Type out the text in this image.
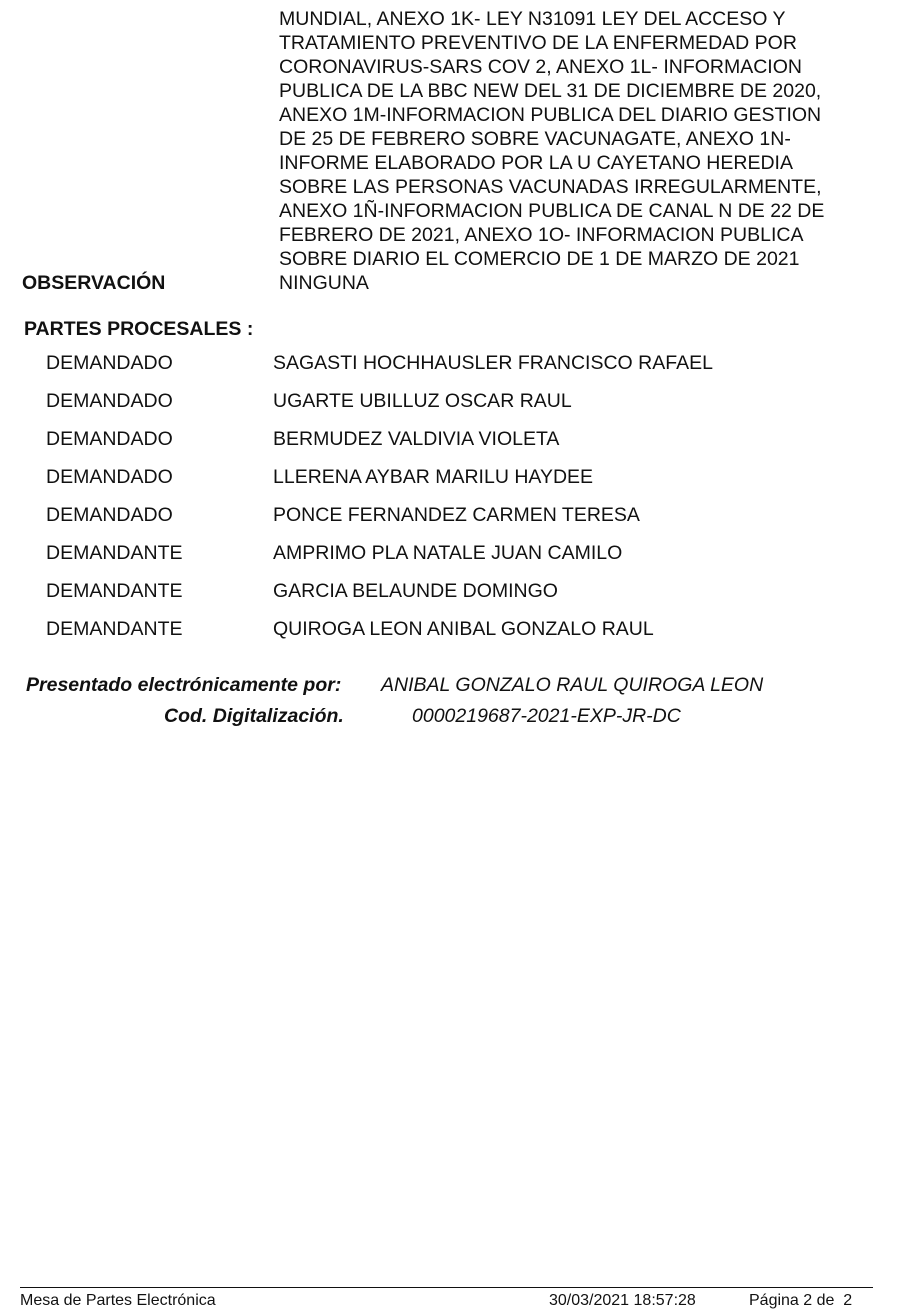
MUNDIAL, ANEXO 1K- LEY N31091 LEY DEL ACCESO Y
TRATAMIENTO PREVENTIVO DE LA ENFERMEDAD POR
CORONAVIRUS-SARS COV 2, ANEXO 1L- INFORMACION
PUBLICA DE LA BBC NEW DEL 31 DE DICIEMBRE DE 2020,
ANEXO 1M-INFORMACION PUBLICA DEL DIARIO GESTION
DE 25 DE FEBRERO SOBRE VACUNAGATE, ANEXO 1N-
INFORME ELABORADO POR LA U CAYETANO HEREDIA
SOBRE LAS PERSONAS VACUNADAS IRREGULARMENTE,
ANEXO 1Ñ-INFORMACION PUBLICA DE CANAL N DE 22 DE
FEBRERO DE 2021, ANEXO 1O- INFORMACION PUBLICA
SOBRE DIARIO EL COMERCIO DE 1 DE MARZO DE 2021
OBSERVACIÓN	NINGUNA
PARTES PROCESALES :
DEMANDADO	SAGASTI HOCHHAUSLER FRANCISCO RAFAEL
DEMANDADO	UGARTE UBILLUZ OSCAR RAUL
DEMANDADO	BERMUDEZ VALDIVIA VIOLETA
DEMANDADO	LLERENA AYBAR MARILU HAYDEE
DEMANDADO	PONCE FERNANDEZ CARMEN TERESA
DEMANDANTE	AMPRIMO PLA NATALE JUAN CAMILO
DEMANDANTE	GARCIA BELAUNDE DOMINGO
DEMANDANTE	QUIROGA LEON ANIBAL GONZALO RAUL
Presentado electrónicamente por: ANIBAL GONZALO RAUL QUIROGA LEON
Cod. Digitalización.	0000219687-2021-EXP-JR-DC
Mesa de Partes Electrónica	30/03/2021 18:57:28	Página 2 de  2
